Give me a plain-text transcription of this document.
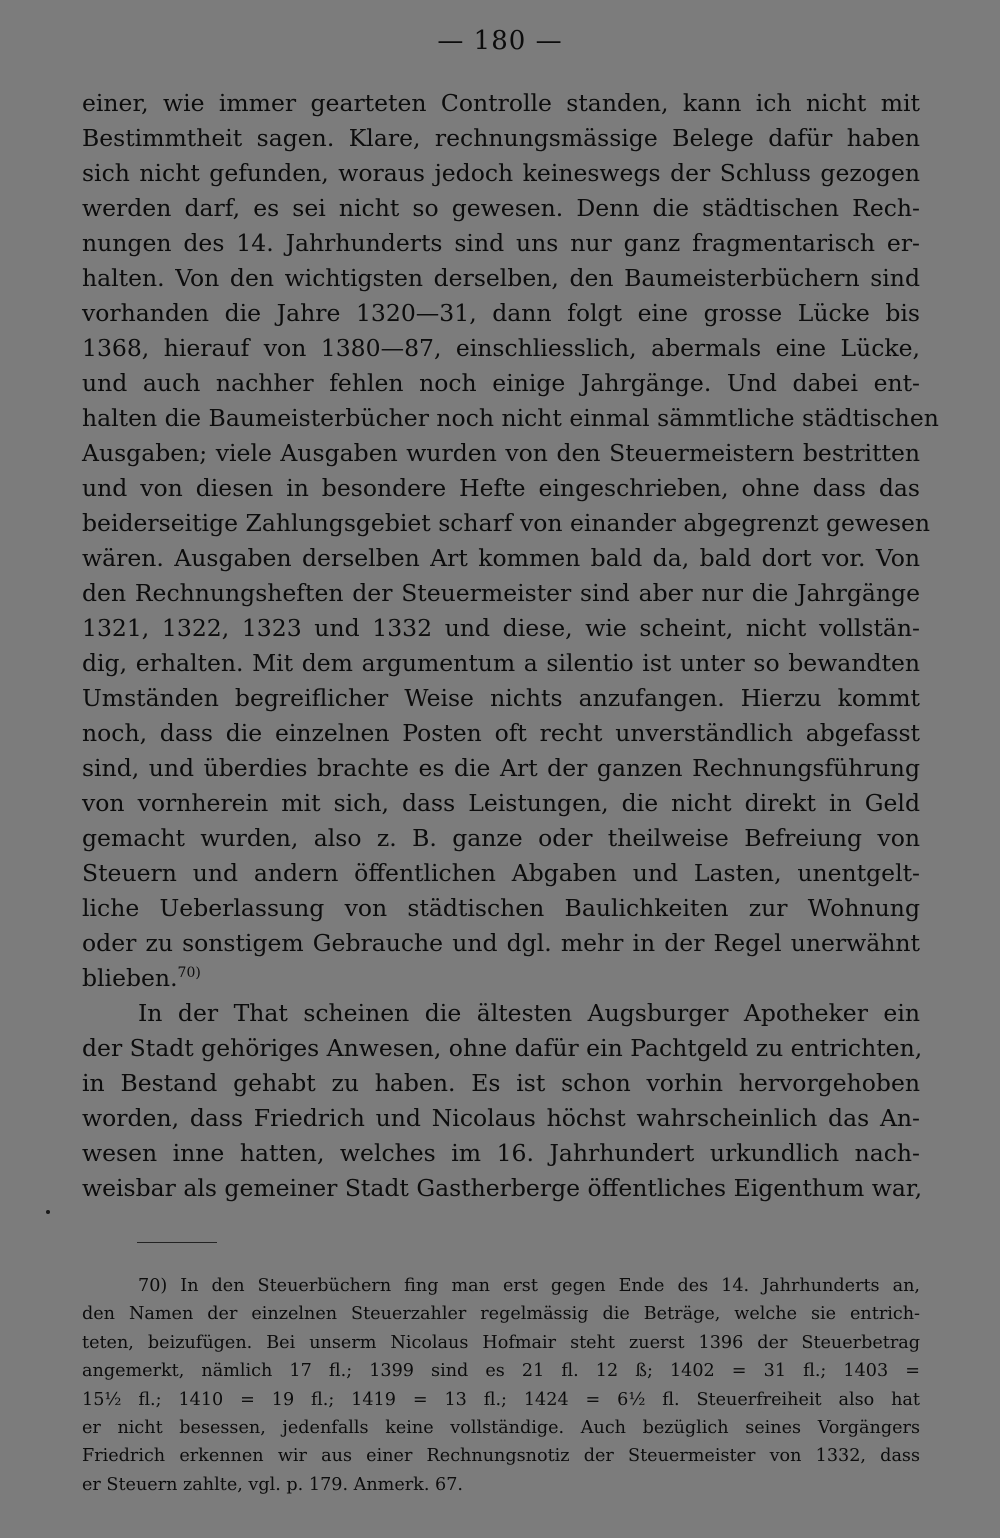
— 180 —
einer, wie immer gearteten Controlle standen, kann ich nicht mit
Bestimmtheit sagen. Klare, rechnungsmässige Belege dafür haben
sich nicht gefunden, woraus jedoch keineswegs der Schluss gezogen
werden darf, es sei nicht so gewesen. Denn die städtischen Rech-
nungen des 14. Jahrhunderts sind uns nur ganz fragmentarisch er-
halten. Von den wichtigsten derselben, den Baumeisterbüchern sind
vorhanden die Jahre 1320—31, dann folgt eine grosse Lücke bis
1368, hierauf von 1380—87, einschliesslich, abermals eine Lücke,
und auch nachher fehlen noch einige Jahrgänge. Und dabei ent-
halten die Baumeisterbücher noch nicht einmal sämmtliche städtischen
Ausgaben; viele Ausgaben wurden von den Steuermeistern bestritten
und von diesen in besondere Hefte eingeschrieben, ohne dass das
beiderseitige Zahlungsgebiet scharf von einander abgegrenzt gewesen
wären. Ausgaben derselben Art kommen bald da, bald dort vor. Von
den Rechnungsheften der Steuermeister sind aber nur die Jahrgänge
1321, 1322, 1323 und 1332 und diese, wie scheint, nicht vollstän-
dig, erhalten. Mit dem argumentum a silentio ist unter so bewandten
Umständen begreiflicher Weise nichts anzufangen. Hierzu kommt
noch, dass die einzelnen Posten oft recht unverständlich abgefasst
sind, und überdies brachte es die Art der ganzen Rechnungsführung
von vornherein mit sich, dass Leistungen, die nicht direkt in Geld
gemacht wurden, also z. B. ganze oder theilweise Befreiung von
Steuern und andern öffentlichen Abgaben und Lasten, unentgelt-
liche Ueberlassung von städtischen Baulichkeiten zur Wohnung
oder zu sonstigem Gebrauche und dgl. mehr in der Regel unerwähnt
blieben.$^{70)}$
In der That scheinen die ältesten Augsburger Apotheker ein
der Stadt gehöriges Anwesen, ohne dafür ein Pachtgeld zu entrichten,
in Bestand gehabt zu haben. Es ist schon vorhin hervorgehoben
worden, dass Friedrich und Nicolaus höchst wahrscheinlich das An-
wesen inne hatten, welches im 16. Jahrhundert urkundlich nach-
weisbar als gemeiner Stadt Gastherberge öffentliches Eigenthum war,
70) In den Steuerbüchern fing man erst gegen Ende des 14. Jahrhunderts an,
den Namen der einzelnen Steuerzahler regelmässig die Beträge, welche sie entrich-
teten, beizufügen. Bei unserm Nicolaus Hofmair steht zuerst 1396 der Steuerbetrag
angemerkt, nämlich 17 fl.; 1399 sind es 21 fl. 12 ß; 1402 = 31 fl.; 1403 =
15½ fl.; 1410 = 19 fl.; 1419 = 13 fl.; 1424 = 6½ fl. Steuerfreiheit also hat
er nicht besessen, jedenfalls keine vollständige. Auch bezüglich seines Vorgängers
Friedrich erkennen wir aus einer Rechnungsnotiz der Steuermeister von 1332, dass
er Steuern zahlte, vgl. p. 179. Anmerk. 67.
